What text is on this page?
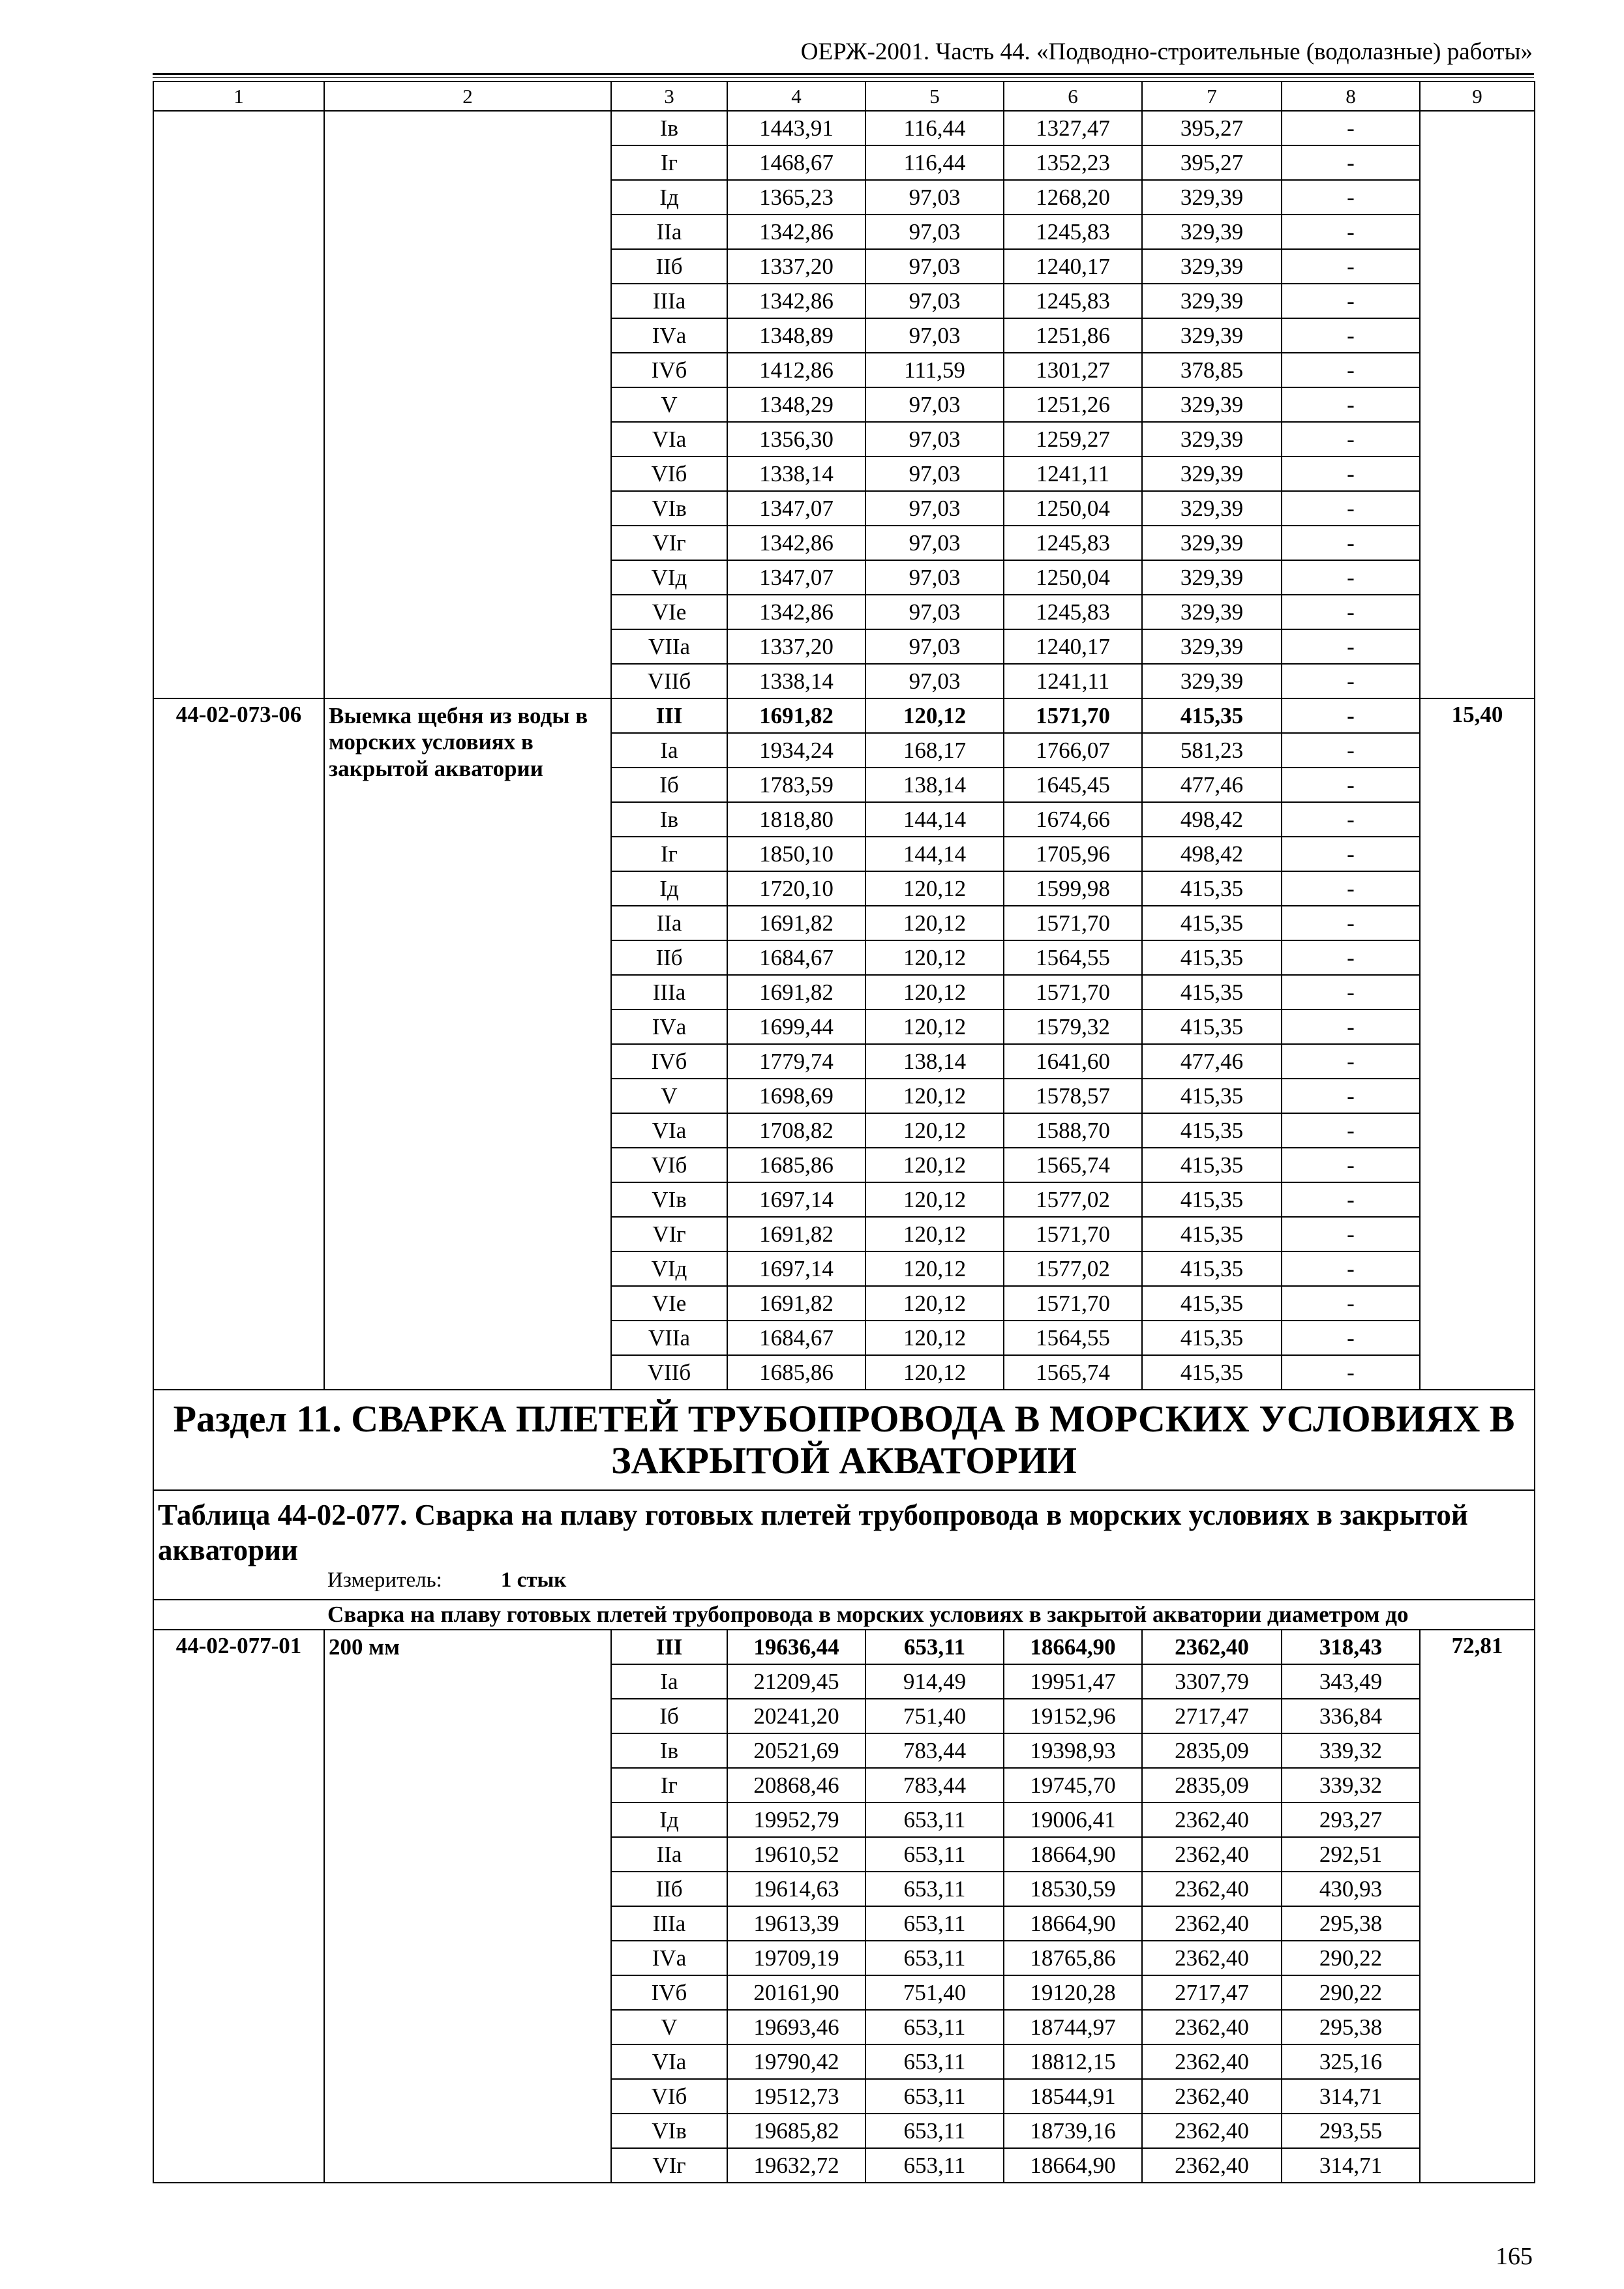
ОЕРЖ-2001. Часть 44. «Подводно-строительные (водолазные) работы»
1	2	3	4	5	6	7	8	9
		Iв	1443,91	116,44	1327,47	395,27	-	
		Iг	1468,67	116,44	1352,23	395,27	-	
		Iд	1365,23	97,03	1268,20	329,39	-	
		IIа	1342,86	97,03	1245,83	329,39	-	
		IIб	1337,20	97,03	1240,17	329,39	-	
		IIIа	1342,86	97,03	1245,83	329,39	-	
		IVа	1348,89	97,03	1251,86	329,39	-	
		IVб	1412,86	111,59	1301,27	378,85	-	
		V	1348,29	97,03	1251,26	329,39	-	
		VIа	1356,30	97,03	1259,27	329,39	-	
		VIб	1338,14	97,03	1241,11	329,39	-	
		VIв	1347,07	97,03	1250,04	329,39	-	
		VIг	1342,86	97,03	1245,83	329,39	-	
		VIд	1347,07	97,03	1250,04	329,39	-	
		VIе	1342,86	97,03	1245,83	329,39	-	
		VIIа	1337,20	97,03	1240,17	329,39	-	
		VIIб	1338,14	97,03	1241,11	329,39	-	
44-02-073-06	Выемка щебня из воды в морских условиях в закрытой акватории	III	1691,82	120,12	1571,70	415,35	-	15,40
		Iа	1934,24	168,17	1766,07	581,23	-	
		Iб	1783,59	138,14	1645,45	477,46	-	
		Iв	1818,80	144,14	1674,66	498,42	-	
		Iг	1850,10	144,14	1705,96	498,42	-	
		Iд	1720,10	120,12	1599,98	415,35	-	
		IIа	1691,82	120,12	1571,70	415,35	-	
		IIб	1684,67	120,12	1564,55	415,35	-	
		IIIа	1691,82	120,12	1571,70	415,35	-	
		IVа	1699,44	120,12	1579,32	415,35	-	
		IVб	1779,74	138,14	1641,60	477,46	-	
		V	1698,69	120,12	1578,57	415,35	-	
		VIа	1708,82	120,12	1588,70	415,35	-	
		VIб	1685,86	120,12	1565,74	415,35	-	
		VIв	1697,14	120,12	1577,02	415,35	-	
		VIг	1691,82	120,12	1571,70	415,35	-	
		VIд	1697,14	120,12	1577,02	415,35	-	
		VIе	1691,82	120,12	1571,70	415,35	-	
		VIIа	1684,67	120,12	1564,55	415,35	-	
		VIIб	1685,86	120,12	1565,74	415,35	-	
Раздел 11. СВАРКА ПЛЕТЕЙ ТРУБОПРОВОДА В МОРСКИХ УСЛОВИЯХ В ЗАКРЫТОЙ АКВАТОРИИ								

Таблица 44-02-077. Сварка на плаву готовых плетей трубопровода в морских условиях в закрытой акватории
Измеритель: 1 стык								

Сварка на плаву готовых плетей трубопровода в морских условиях в закрытой акватории диаметром до								
44-02-077-01	200 мм	III	19636,44	653,11	18664,90	2362,40	318,43	72,81
		Iа	21209,45	914,49	19951,47	3307,79	343,49	
		Iб	20241,20	751,40	19152,96	2717,47	336,84	
		Iв	20521,69	783,44	19398,93	2835,09	339,32	
		Iг	20868,46	783,44	19745,70	2835,09	339,32	
		Iд	19952,79	653,11	19006,41	2362,40	293,27	
		IIа	19610,52	653,11	18664,90	2362,40	292,51	
		IIб	19614,63	653,11	18530,59	2362,40	430,93	
		IIIа	19613,39	653,11	18664,90	2362,40	295,38	
		IVа	19709,19	653,11	18765,86	2362,40	290,22	
		IVб	20161,90	751,40	19120,28	2717,47	290,22	
		V	19693,46	653,11	18744,97	2362,40	295,38	
		VIа	19790,42	653,11	18812,15	2362,40	325,16	
		VIб	19512,73	653,11	18544,91	2362,40	314,71	
		VIв	19685,82	653,11	18739,16	2362,40	293,55	
		VIг	19632,72	653,11	18664,90	2362,40	314,71	
165
